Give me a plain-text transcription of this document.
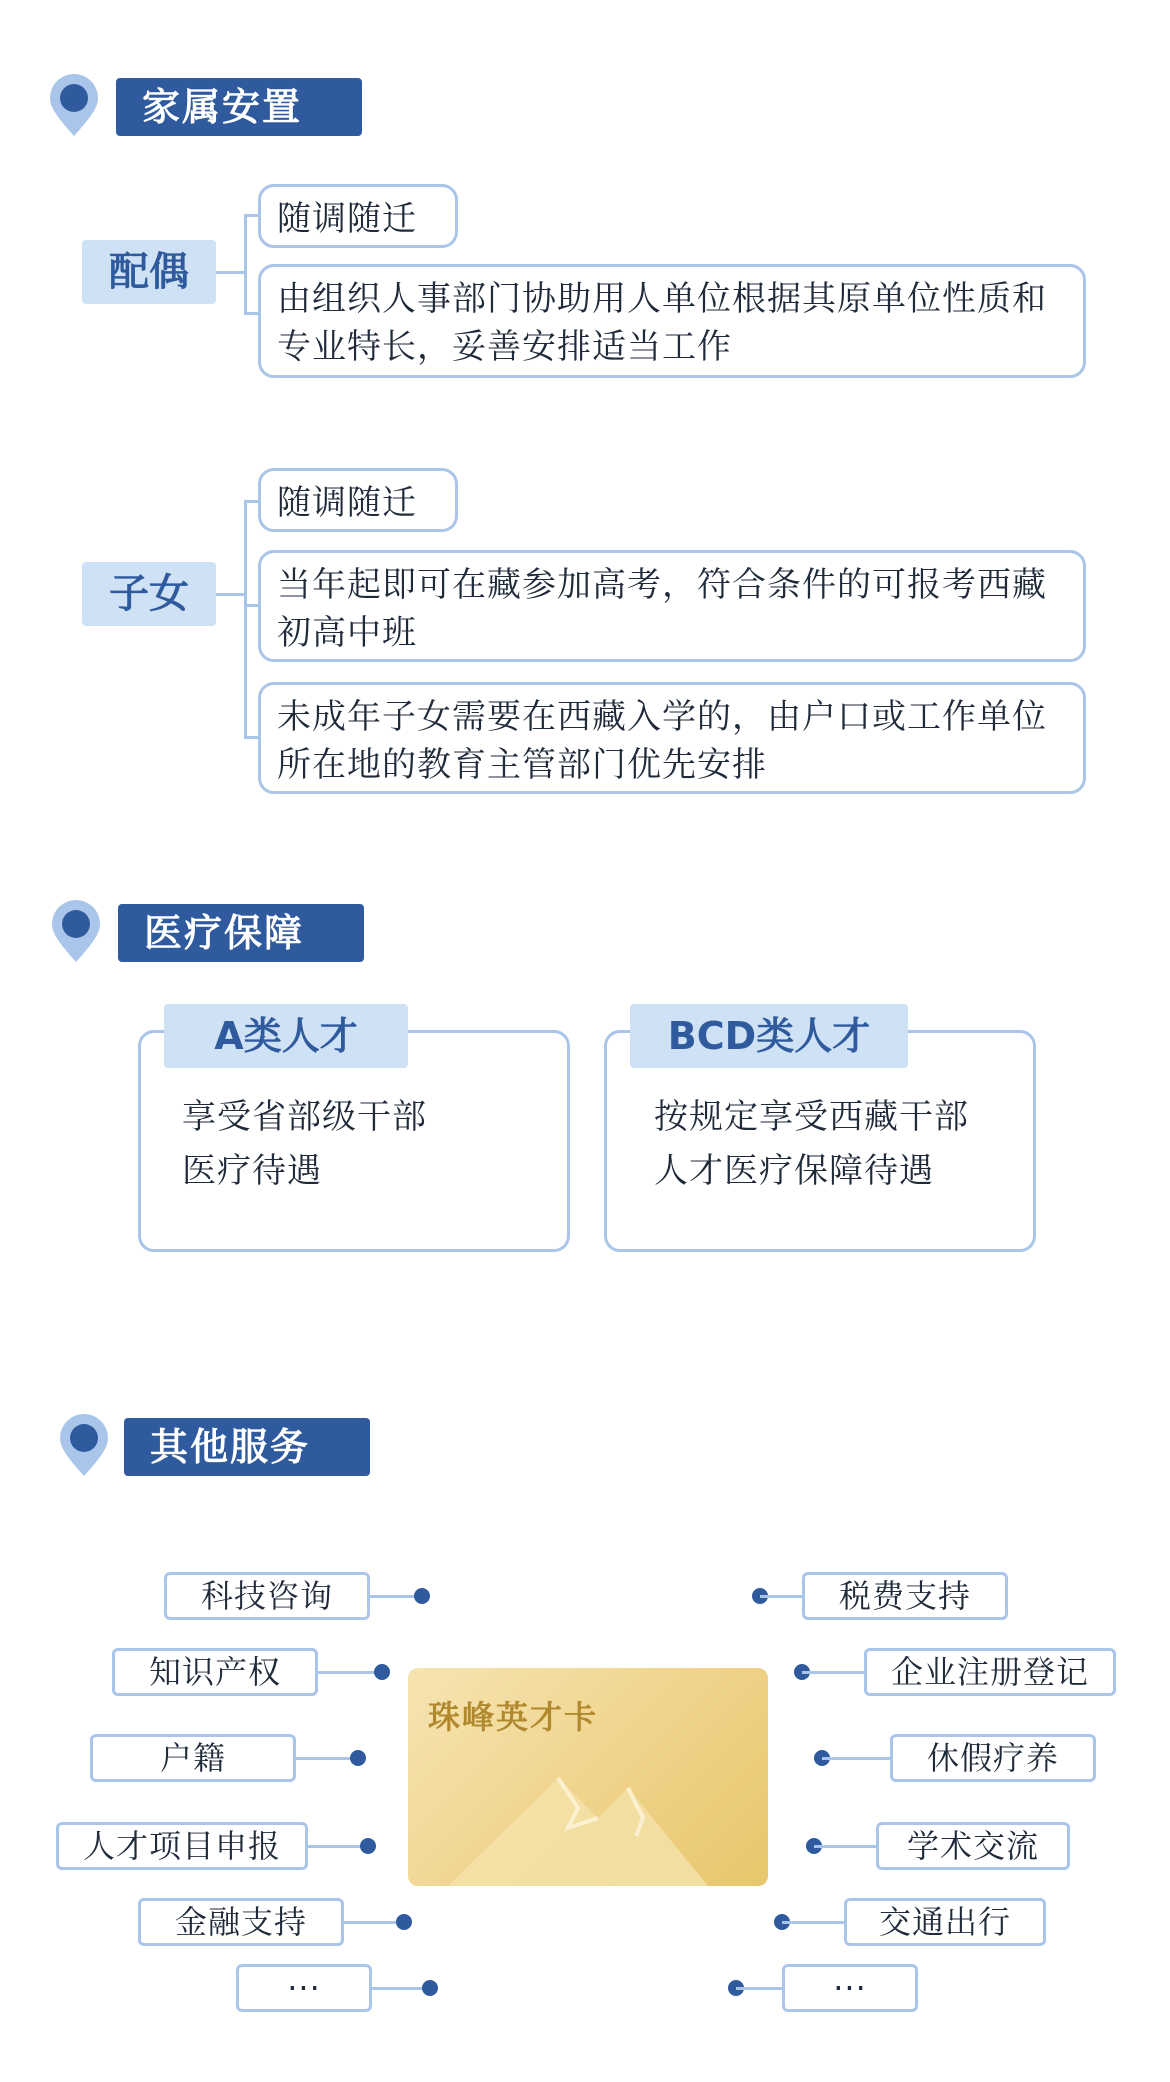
家属安置
配偶
随调随迁
由组织人事部门协助用人单位根据其原单位性质和专业特长，妥善安排适当工作
子女
随调随迁
当年起即可在藏参加高考，符合条件的可报考西藏初高中班
未成年子女需要在西藏入学的，由户口或工作单位所在地的教育主管部门优先安排
医疗保障
A类人才
享受省部级干部
医疗待遇
BCD类人才
按规定享受西藏干部
人才医疗保障待遇
其他服务
珠峰英才卡
科技咨询
知识产权
户籍
人才项目申报
金融支持
···
税费支持
企业注册登记
休假疗养
学术交流
交通出行
···
